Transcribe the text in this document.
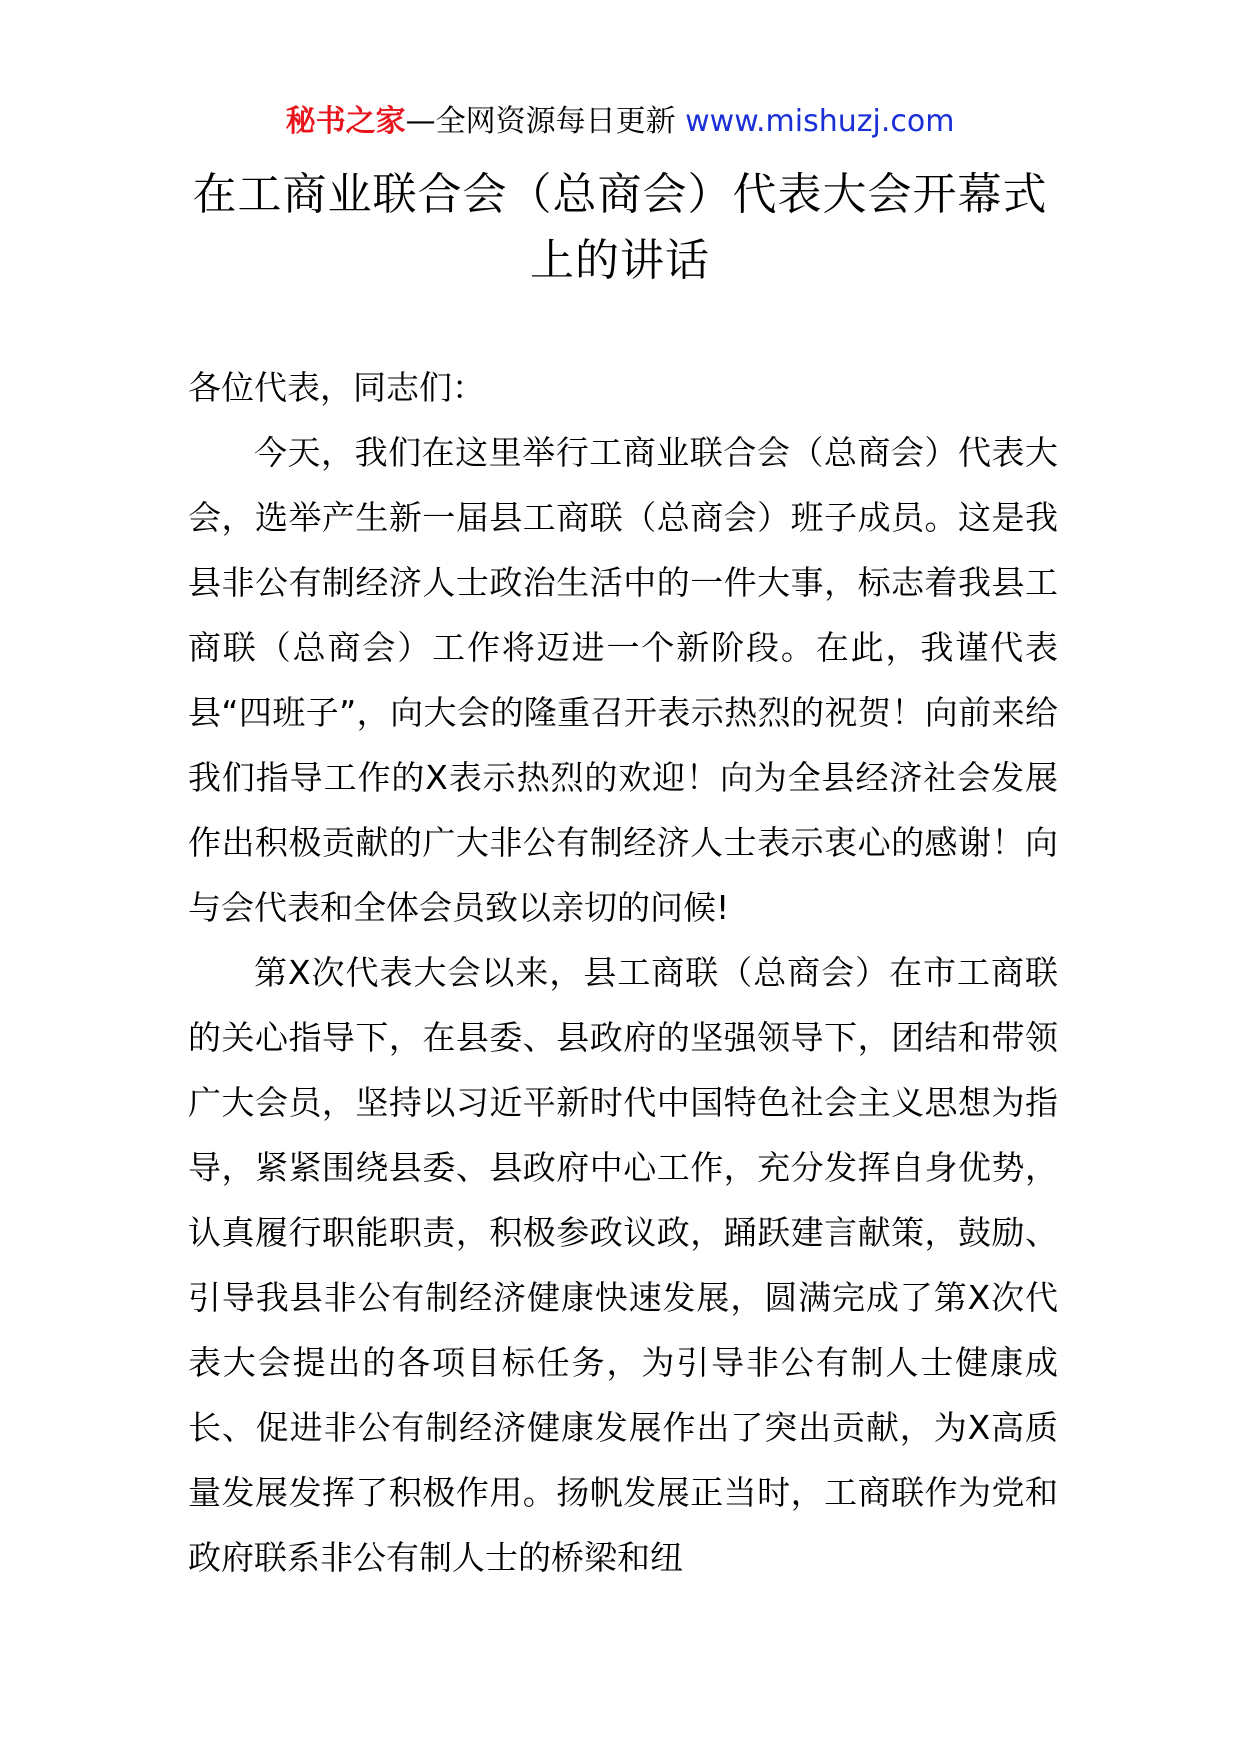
秘书之家—全网资源每日更新 www.mishuzj.com
在工商业联合会（总商会）代表大会开幕式上的讲话

各位代表，同志们：

今天，我们在这里举行工商业联合会（总商会）代表大会，选举产生新一届县工商联（总商会）班子成员。这是我县非公有制经济人士政治生活中的一件大事，标志着我县工商联（总商会）工作将迈进一个新阶段。在此，我谨代表县“四班子”，向大会的隆重召开表示热烈的祝贺！向前来给我们指导工作的X表示热烈的欢迎！向为全县经济社会发展作出积极贡献的广大非公有制经济人士表示衷心的感谢！向与会代表和全体会员致以亲切的问候!

第X次代表大会以来，县工商联（总商会）在市工商联的关心指导下，在县委、县政府的坚强领导下，团结和带领广大会员，坚持以习近平新时代中国特色社会主义思想为指导，紧紧围绕县委、县政府中心工作，充分发挥自身优势，认真履行职能职责，积极参政议政，踊跃建言献策，鼓励、引导我县非公有制经济健康快速发展，圆满完成了第X次代表大会提出的各项目标任务，为引导非公有制人士健康成长、促进非公有制经济健康发展作出了突出贡献，为X高质量发展发挥了积极作用。扬帆发展正当时，工商联作为党和政府联系非公有制人士的桥梁和纽
